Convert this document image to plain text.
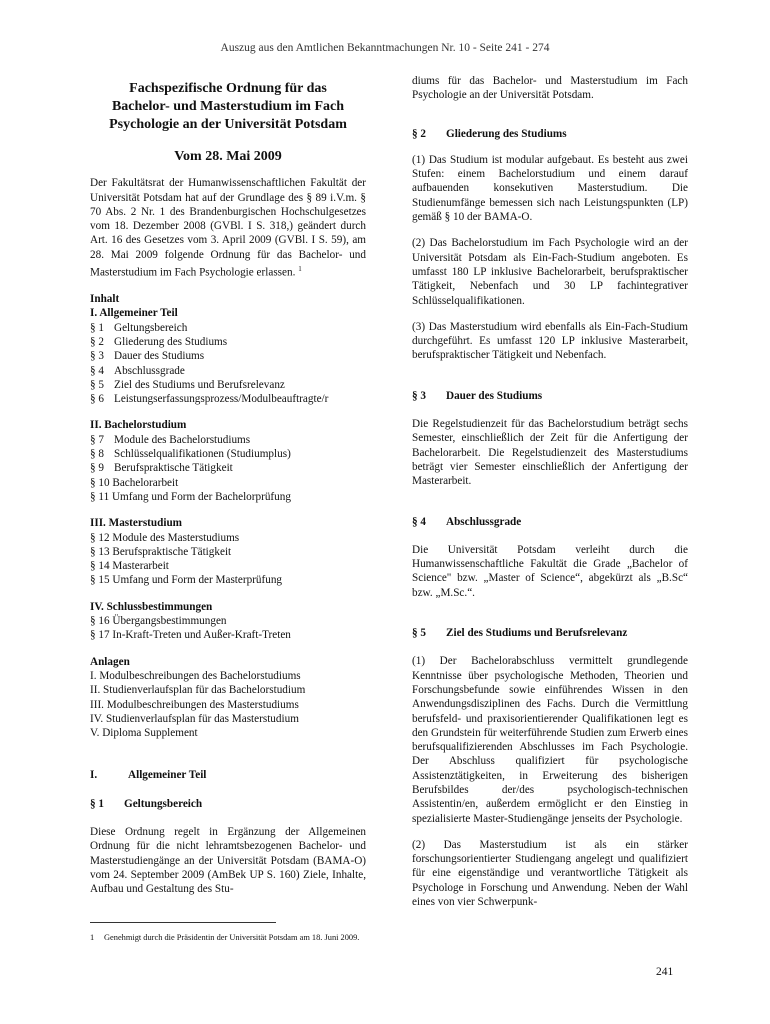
Auszug aus den Amtlichen Bekanntmachungen Nr. 10 - Seite 241 - 274
Fachspezifische Ordnung für das
Bachelor- und Masterstudium im Fach
Psychologie an der Universität Potsdam
Vom 28. Mai 2009

Der Fakultätsrat der Humanwissenschaftlichen Fakultät der Universität Potsdam hat auf der Grundlage des § 89 i.V.m. § 70 Abs. 2 Nr. 1 des Brandenburgischen Hochschulgesetzes vom 18. Dezember 2008 (GVBl. I S. 318,) geändert durch Art. 16 des Gesetzes vom 3. April 2009 (GVBl. I S. 59), am 28. Mai 2009 folgende Ordnung für das Bachelor- und Masterstudium im Fach Psychologie erlassen. $^1$

Inhalt
I. Allgemeiner Teil
§ 1 Geltungsbereich
§ 2 Gliederung des Studiums
§ 3 Dauer des Studiums
§ 4 Abschlussgrade
§ 5 Ziel des Studiums und Berufsrelevanz
§ 6 Leistungserfassungsprozess/Modulbeauftragte/r
II. Bachelorstudium
§ 7 Module des Bachelorstudiums
§ 8 Schlüsselqualifikationen (Studiumplus)
§ 9 Berufspraktische Tätigkeit
§ 10 Bachelorarbeit
§ 11 Umfang und Form der Bachelorprüfung
III. Masterstudium
§ 12 Module des Masterstudiums
§ 13 Berufspraktische Tätigkeit
§ 14 Masterarbeit
§ 15 Umfang und Form der Masterprüfung
IV. Schlussbestimmungen
§ 16 Übergangsbestimmungen
§ 17 In-Kraft-Treten und Außer-Kraft-Treten
Anlagen
I. Modulbeschreibungen des Bachelorstudiums
II. Studienverlaufsplan für das Bachelorstudium
III. Modulbeschreibungen des Masterstudiums
IV. Studienverlaufsplan für das Masterstudium
V. Diploma Supplement
I.	Allgemeiner Teil
§ 1 Geltungsbereich

Diese Ordnung regelt in Ergänzung der Allgemeinen Ordnung für die nicht lehramtsbezogenen Bachelor- und Masterstudiengänge an der Universität Potsdam (BAMA-O) vom 24. September 2009 (AmBek UP S. 160) Ziele, Inhalte, Aufbau und Gestaltung des Stu-

1	Genehmigt durch die Präsidentin der Universität Potsdam am 18. Juni 2009.

diums für das Bachelor- und Masterstudium im Fach Psychologie an der Universität Potsdam.

§ 2 Gliederung des Studiums

(1) Das Studium ist modular aufgebaut. Es besteht aus zwei Stufen: einem Bachelorstudium und einem darauf aufbauenden konsekutiven Masterstudium. Die Studienumfänge bemessen sich nach Leistungspunkten (LP) gemäß § 10 der BAMA-O.

(2) Das Bachelorstudium im Fach Psychologie wird an der Universität Potsdam als Ein-Fach-Studium angeboten. Es umfasst 180 LP inklusive Bachelorarbeit, berufspraktischer Tätigkeit, Nebenfach und 30 LP fachintegrativer Schlüsselqualifikationen.

(3) Das Masterstudium wird ebenfalls als Ein-Fach-Studium durchgeführt. Es umfasst 120 LP inklusive Masterarbeit, berufspraktischer Tätigkeit und Nebenfach.

§ 3 Dauer des Studiums

Die Regelstudienzeit für das Bachelorstudium beträgt sechs Semester, einschließlich der Zeit für die Anfertigung der Bachelorarbeit. Die Regelstudienzeit des Masterstudiums beträgt vier Semester einschließlich der Anfertigung der Masterarbeit.

§ 4 Abschlussgrade

Die Universität Potsdam verleiht durch die Humanwissenschaftliche Fakultät die Grade „Bachelor of Science" bzw. „Master of Science“, abgekürzt als „B.Sc“ bzw. „M.Sc.“.

§ 5 Ziel des Studiums und Berufsrelevanz

(1) Der Bachelorabschluss vermittelt grundlegende Kenntnisse über psychologische Methoden, Theorien und Forschungsbefunde sowie einführendes Wissen in den Anwendungsdisziplinen des Fachs. Durch die Vermittlung berufsfeld- und praxisorientierender Qualifikationen legt es den Grundstein für weiterführende Studien zum Erwerb eines berufsqualifizierenden Abschlusses im Fach Psychologie. Der Abschluss qualifiziert für psychologische Assistenztätigkeiten, in Erweiterung des bisherigen Berufsbildes der/des psychologisch-technischen Assistentin/en, außerdem ermöglicht er den Einstieg in spezialisierte Master-Studiengänge jenseits der Psychologie.

(2) Das Masterstudium ist als ein stärker forschungsorientierter Studiengang angelegt und qualifiziert für eine eigenständige und verantwortliche Tätigkeit als Psychologe in Forschung und Anwendung. Neben der Wahl eines von vier Schwerpunk-

241
